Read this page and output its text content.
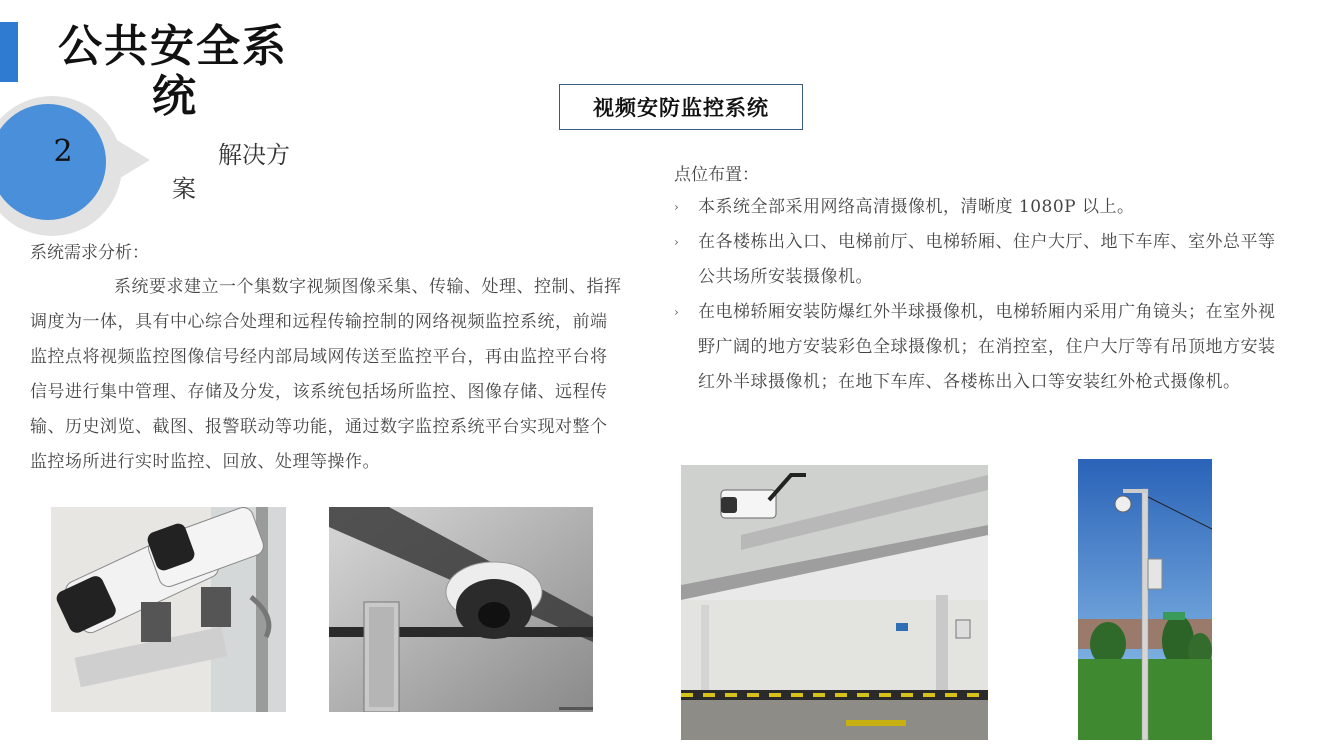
公共安全系
统
2	解决方
案
系统需求分析：
系统要求建立一个集数字视频图像采集、传输、处理、控制、指挥调度为一体，具有中心综合处理和远程传输控制的网络视频监控系统，前端监控点将视频监控图像信号经内部局域网传送至监控平台，再由监控平台将信号进行集中管理、存储及分发，该系统包括场所监控、图像存储、远程传输、历史浏览、截图、报警联动等功能，通过数字监控系统平台实现对整个监控场所进行实时监控、回放、处理等操作。
视频安防监控系统
点位布置：
› 本系统全部采用网络高清摄像机，清晰度 1080P 以上。
› 在各楼栋出入口、电梯前厅、电梯轿厢、住户大厅、地下车库、室外总平等公共场所安装摄像机。
› 在电梯轿厢安装防爆红外半球摄像机，电梯轿厢内采用广角镜头；在室外视野广阔的地方安装彩色全球摄像机；在消控室，住户大厅等有吊顶地方安装红外半球摄像机；在地下车库、各楼栋出入口等安装红外枪式摄像机。
